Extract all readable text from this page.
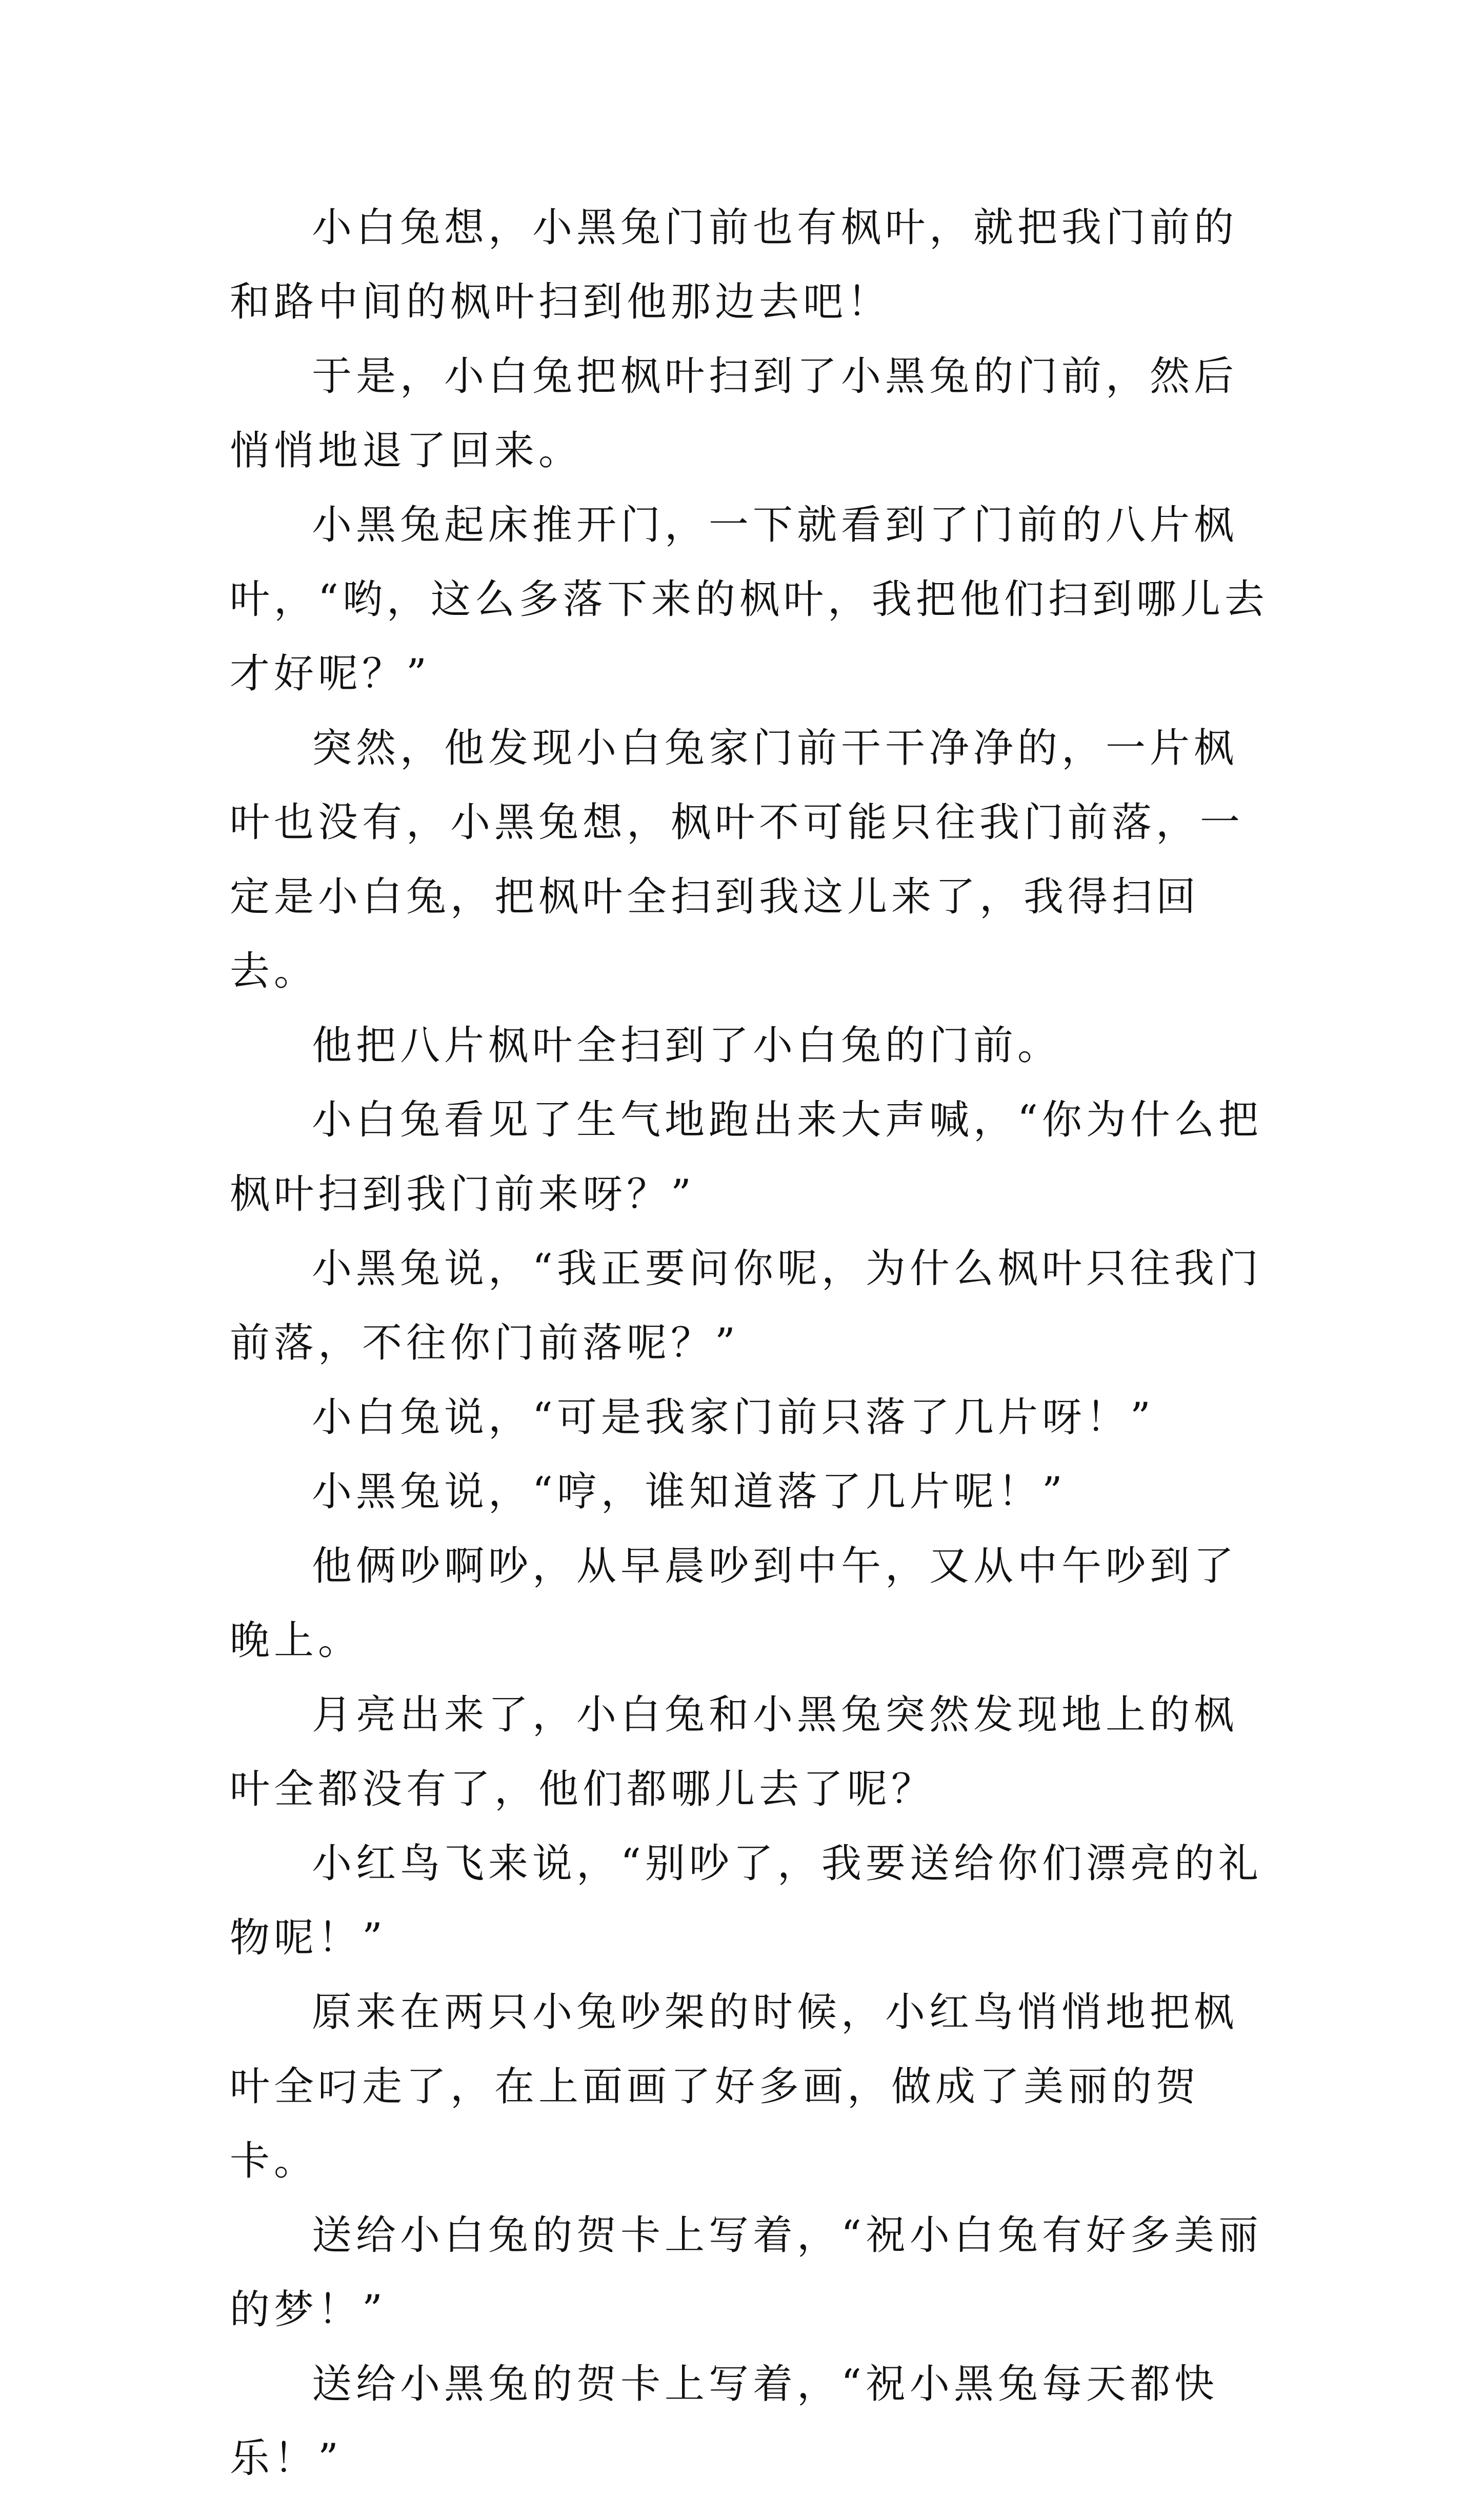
小白兔想，小黑兔门前也有枫叶，就把我门前的和路中间的枫叶扫到他那边去吧！

于是，小白兔把枫叶扫到了小黑兔的门前，然后悄悄地退了回来。

小黑兔起床推开门，一下就看到了门前的八片枫叶，“哟，这么多落下来的枫叶，我把他们扫到哪儿去才好呢？”

突然，他发现小白兔家门前干干净净的，一片枫叶也没有，小黑兔想，枫叶不可能只往我门前落，一定是小白兔，把枫叶全扫到我这儿来了，我得扫回去。

他把八片枫叶全扫到了小白兔的门前。

小白兔看见了生气地跑出来大声喊，“你为什么把枫叶扫到我门前来呀？”

小黑兔说，“我正要问你呢，为什么枫叶只往我门前落，不往你门前落呢？”

小白兔说，“可是我家门前只落了几片呀！”

小黑兔说，“哼，谁知道落了几片呢！”

他俩吵啊吵，从早晨吵到中午，又从中午吵到了晚上。

月亮出来了，小白兔和小黑兔突然发现地上的枫叶全都没有了，他们都哪儿去了呢？

小红鸟飞来说，“别吵了，我要送给你们漂亮的礼物呢！”

原来在两只小兔吵架的时候，小红鸟悄悄地把枫叶全叼走了，在上面画了好多画，做成了美丽的贺卡。

送给小白兔的贺卡上写着，“祝小白兔有好多美丽的梦！”

送给小黑兔的贺卡上写着，“祝小黑兔每天都快乐！”
